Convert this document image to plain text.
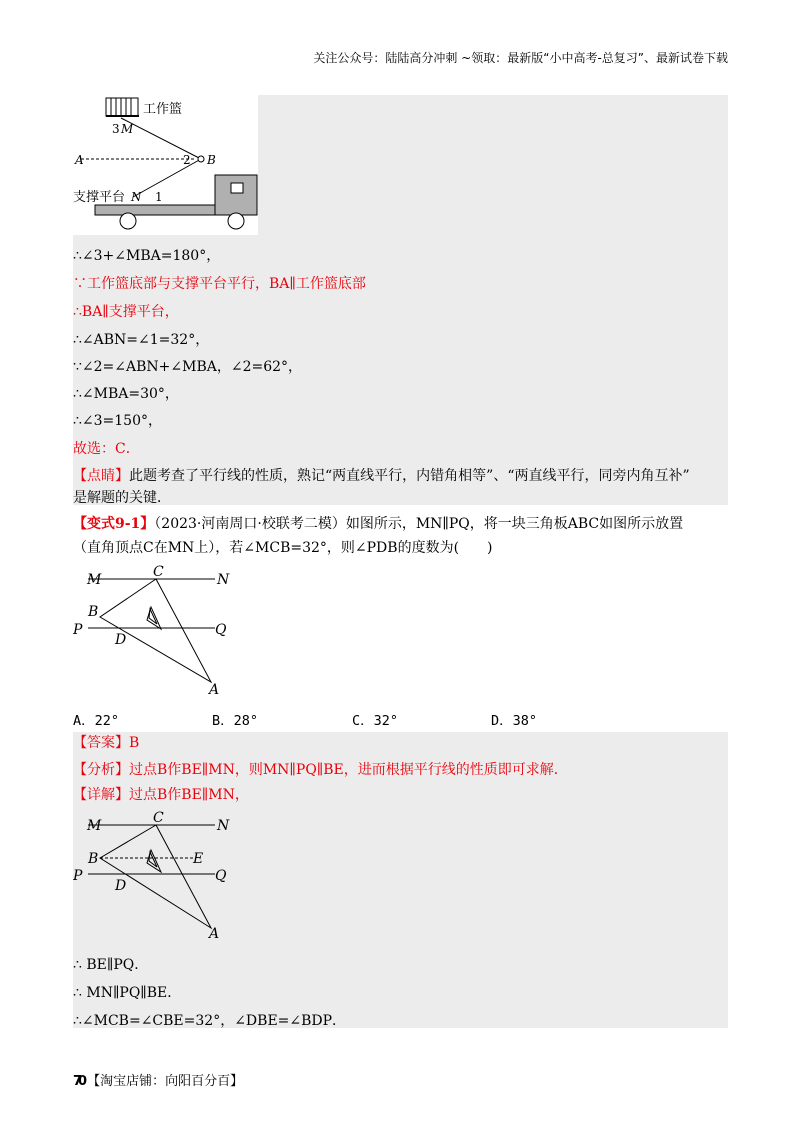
关注公众号：陆陆高分冲刺 ~领取：最新版“小中高考-总复习”、最新试卷下载
工作篮
3 M
A	2 B
支撑平台 N 1
∴∠3+∠MBA=180°，
∵工作篮底部与支撑平台平行，BA∥工作篮底部
∴BA∥支撑平台，
∴∠ABN=∠1=32°，
∵∠2=∠ABN+∠MBA，∠2=62°，
∴∠MBA=30°，
∴∠3=150°，
故选：C．
【点睛】此题考查了平行线的性质，熟记“两直线平行，内错角相等”、“两直线平行，同旁内角互补”
是解题的关键．
【变式9-1】（2023·河南周口·校联考二模）如图所示，MN∥PQ，将一块三角板ABC如图所示放置
（直角顶点C在MN上），若∠MCB=32°，则∠PDB的度数为(　　)
M	C	N
B
P
D
Q
A
A．22°	B．28°	C．32°	D．38°
【答案】B
【分析】过点B作BE∥MN，则MN∥PQ∥BE，进而根据平行线的性质即可求解．
【详解】过点B作BE∥MN，
M	C	N
B	E
P
D
Q
A
∴ BE∥PQ．
∴ MN∥PQ∥BE．
∴∠MCB=∠CBE=32°，∠DBE=∠BDP．
70 【淘宝店铺：向阳百分百】
